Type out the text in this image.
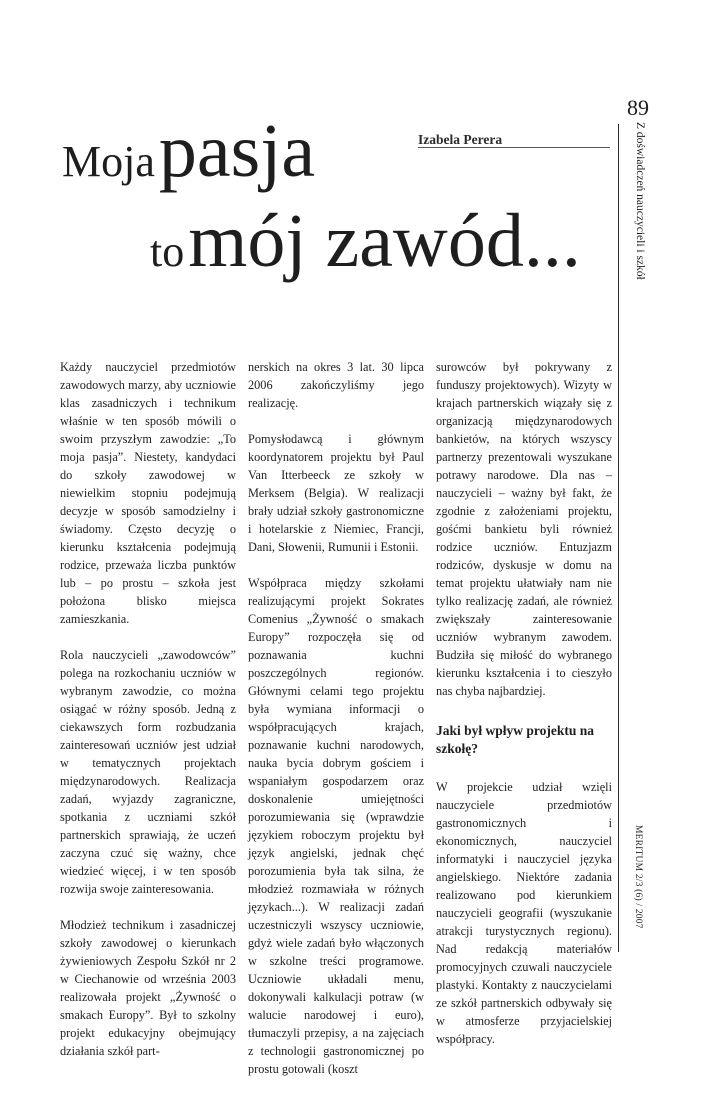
89
Z doświadczeń nauczycieli i szkół
MERITUM 2/3 (6) / 2007
Moja pasja
to mój zawód...
Izabela Perera

Każdy nauczyciel przedmiotów zawodowych marzy, aby uczniowie klas zasadniczych i technikum właśnie w ten sposób mówili o swoim przyszłym zawodzie: „To moja pasja”. Niestety, kandydaci do szkoły zawodowej w niewielkim stopniu podejmują decyzje w sposób samodzielny i świadomy. Często decyzję o kierunku kształcenia podejmują rodzice, przeważa liczba punktów lub – po prostu – szkoła jest położona blisko miejsca zamieszkania.

Rola nauczycieli „zawodowców” polega na rozkochaniu uczniów w wybranym zawodzie, co można osiągać w różny sposób. Jedną z ciekawszych form rozbudzania zainteresowań uczniów jest udział w tematycznych projektach międzynarodowych. Realizacja zadań, wyjazdy zagraniczne, spotkania z uczniami szkół partnerskich sprawiają, że uczeń zaczyna czuć się ważny, chce wiedzieć więcej, i w ten sposób rozwija swoje zainteresowania.

Młodzież technikum i zasadniczej szkoły zawodowej o kierunkach żywieniowych Zespołu Szkół nr 2 w Ciechanowie od września 2003 realizowała projekt „Żywność o smakach Europy”. Był to szkolny projekt edukacyjny obejmujący działania szkół part-

nerskich na okres 3 lat. 30 lipca 2006 zakończyliśmy jego realizację.

Pomysłodawcą i głównym koordynatorem projektu był Paul Van Itterbeeck ze szkoły w Merksem (Belgia). W realizacji brały udział szkoły gastronomiczne i hotelarskie z Niemiec, Francji, Dani, Słowenii, Rumunii i Estonii.

Współpraca między szkołami realizującymi projekt Sokrates Comenius „Żywność o smakach Europy” rozpoczęła się od poznawania kuchni poszczególnych regionów. Głównymi celami tego projektu była wymiana informacji o współpracujących krajach, poznawanie kuchni narodowych, nauka bycia dobrym gościem i wspaniałym gospodarzem oraz doskonalenie umiejętności porozumiewania się (wprawdzie językiem roboczym projektu był język angielski, jednak chęć porozumienia była tak silna, że młodzież rozmawiała w różnych językach...). W realizacji zadań uczestniczyli wszyscy uczniowie, gdyż wiele zadań było włączonych w szkolne treści programowe. Uczniowie układali menu, dokonywali kalkulacji potraw (w walucie narodowej i euro), tłumaczyli przepisy, a na zajęciach z technologii gastronomicznej po prostu gotowali (koszt

surowców był pokrywany z funduszy projektowych). Wizyty w krajach partnerskich wiązały się z organizacją międzynarodowych bankietów, na których wszyscy partnerzy prezentowali wyszukane potrawy narodowe. Dla nas – nauczycieli – ważny był fakt, że zgodnie z założeniami projektu, gośćmi bankietu byli również rodzice uczniów. Entuzjazm rodziców, dyskusje w domu na temat projektu ułatwiały nam nie tylko realizację zadań, ale również zwiększały zainteresowanie uczniów wybranym zawodem. Budziła się miłość do wybranego kierunku kształcenia i to cieszyło nas chyba najbardziej.

Jaki był wpływ projektu na szkołę?

W projekcie udział wzięli nauczyciele przedmiotów gastronomicznych i ekonomicznych, nauczyciel informatyki i nauczyciel języka angielskiego. Niektóre zadania realizowano pod kierunkiem nauczycieli geografii (wyszukanie atrakcji turystycznych regionu). Nad redakcją materiałów promocyjnych czuwali nauczyciele plastyki. Kontakty z nauczycielami ze szkół partnerskich odbywały się w atmosferze przyjacielskiej współpracy.
